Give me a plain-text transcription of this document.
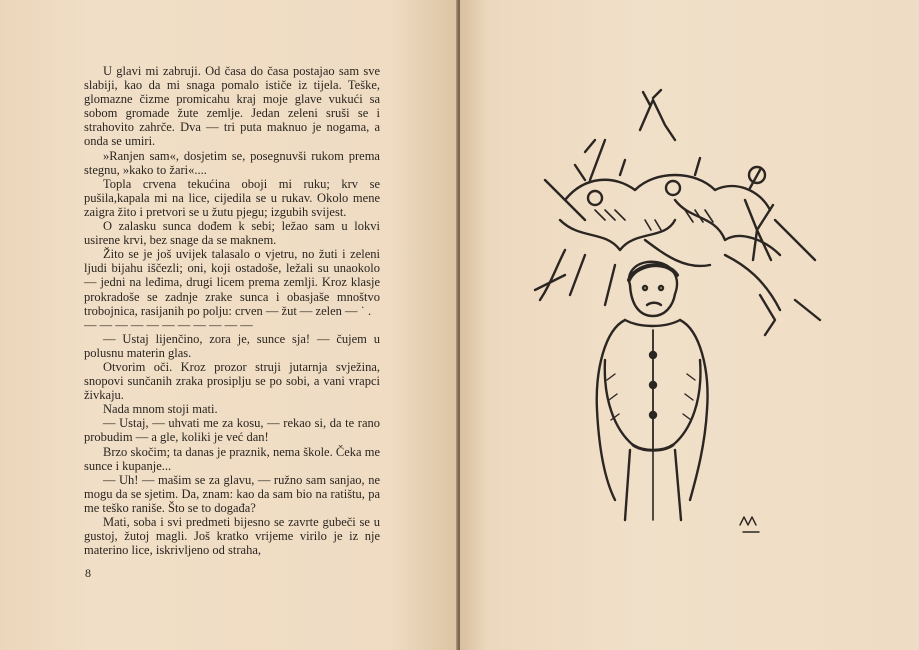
U glavi mi zabruji. Od časa do časa postajao sam sve slabiji, kao da mi snaga pomalo ističe iz tijela. Teške, glomazne čizme promicahu kraj moje glave vukući sa sobom gromade žute zemlje. Jedan zeleni sruši se i strahovito zahrče. Dva — tri puta maknuo je nogama, a onda se umiri.

»Ranjen sam«, dosjetim se, posegnuvši rukom prema stegnu, »kako to žari«....

Topla crvena tekućina oboji mi ruku; krv se pušila,kapala mi na lice, cijedila se u rukav. Okolo mene zaigra žito i pretvori se u žutu pjegu; izgubih svijest.

O zalasku sunca dođem k sebi; ležao sam u lokvi usirene krvi, bez snage da se maknem.

Žito se je još uvijek talasalo o vjetru, no žuti i zeleni ljudi bijahu iščezli; oni, koji ostadoše, ležali su unaokolo — jedni na leđima, drugi licem prema zemlji. Kroz klasje prokradoše se zadnje zrake sunca i obasjaše mnoštvo trobojnica, rasijanih po polju: crven — žut — zelen — ˙ .

— — — — — — — — — — —

— Ustaj lijenčino, zora je, sunce sja! — čujem u polusnu materin glas.

Otvorim oči. Kroz prozor struji jutarnja svježina, snopovi sunčanih zraka prosiplju se po sobi, a vani vrapci živkaju.

Nada mnom stoji mati.

— Ustaj, — uhvati me za kosu, — rekao si, da te rano probudim — a gle, koliki je već dan!

Brzo skočim; ta danas je praznik, nema škole. Čeka me sunce i kupanje...

— Uh! — mašim se za glavu, — ružno sam sanjao, ne mogu da se sjetim. Da, znam: kao da sam bio na ratištu, pa me teško raniše. Što se to događa?

Mati, soba i svi predmeti bijesno se zavrte gubeči se u gustoj, žutoj magli. Još kratko vrijeme virilo je iz nje materino lice, iskrivljeno od straha,

8
